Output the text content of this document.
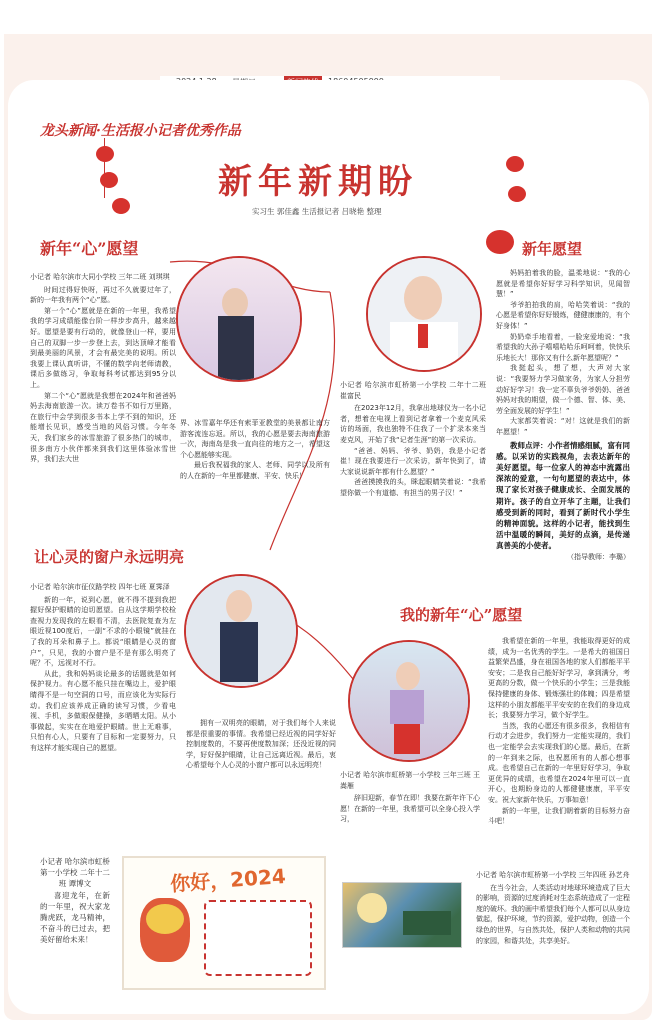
龙头新闻·生活报小记者优秀作品
新年新期盼
实习生 郭佳鑫 生活报记者 吕晓艳 整理
新年“心”愿望
小记者 哈尔滨市大同小学校 三年二班 刘琪琪
时间过得好快呀，再过不久就要过年了，新的一年我有两个“心”愿。
第一个“心”愿就是在新的一年里，我希望我的学习成绩能像台阶一样步步高升，越来越好。愿望是要有行动的，就像登山一样，要用自己的双脚一步一步登上去，到达顶峰才能看到最美丽的风景，才会有最完美的说明。所以我要上课认真听讲，不懂的数学向老师请教，课后多做练习，争取每科考试都达到95分以上。
第二个“心”愿就是我想在2024年和爸爸妈妈去海南旅游一次。读万卷书不如行万里路，在旅行中会学到很多书本上学不到的知识，还能增长见识，感受当地的风俗习惯。今年冬天，我们家乡的冰雪旅游了很多热门的城市，很多南方小伙伴都来到我们这里体验冰雪世界，我们去大世
界、冰雪嘉年华还有索菲亚教堂的美景都让南方游客流连忘返。所以，我的心愿是要去海南旅游一次，海南岛是我一直向往的地方之一，希望这个心愿能够实现。
最后我祝福我的家人、老师、同学以及所有的人在新的一年里都健康、平安、快乐！
小记者 哈尔滨市虹桥第一小学校 二年十二班 崔富民
在2023年12月，我拿出地球仪为一名小记者，想着在电视上看到记者拿着一个麦克风采访的场面，我也独特不住我了一个扩录本来当麦克风，开始了我“记者生涯”的第一次采访。
“爸爸、妈妈、爷爷、奶奶，我是小记者崔！现在我要进行一次采访，新年快到了，请大家说说新年都有什么愿望？”
爸爸摸摸我的头，眯起眼睛笑着说：“我希望你做一个有道德、有担当的男子汉！”
新年愿望
妈妈拍着我的脸，温柔地说：“我的心愿就是希望你好好学习科学知识，见闻智慧！”
爷爷拍拍我的肩，哈哈笑着说：“我的心愿是希望你好好锻炼，健健康康的，有个好身体！”
奶奶牵手地看着，一脸宠爱地说：“我希望我的大孙子嘻嘻哈哈乐呵呵着，快快乐乐地长大！那你又有什么新年愿望呢？”
我挺起头，想了想，大声对大家说：“我要努力学习做家务，为家人分担劳动好好学习！我一定不辜负爷爷奶奶、爸爸妈妈对我的期望，做一个德、智、体、美、劳全面发展的好学生！”
大家都笑着说：“对！这就是我们的新年愿望！”
教师点评：小作者情感细腻，富有同感。以采访的实践视角，去表达新年的美好愿望。每一位家人的神态中流露出深浓的爱意，一句句愿望的表达中，体现了家长对孩子健康成长、全面发展的期许。孩子的自立开华了主题，让我们感受到新的同时，看到了新时代小学生的精神面貌。这样的小记者，能找到生活中温暖的瞬间，美好的点滴，是传递真善美的小使者。
（指导教师：李璐）
让心灵的窗户永远明亮
小记者 哈尔滨市征仪路学校 四年七班 夏霁泽
新的一年，说到心愿，就不得不提到我把握好保护眼睛的迫切愿望。自从这学期学校检查视力发现我的左眼看不清，去医院复查为左眼近视100度后，一副“不求的小眼镜”就挂在了我的耳朵和鼻子上。都说“眼睛是心灵的窗户”，只见，我的小窗户是不是有那么明亮了呢？不，远视对不行。
从此，我和妈妈谈论最多的话题就是如何保护视力。有心愿不能只挂在嘴边上，爱护眼睛得不是一句空洞的口号，而应该化为实际行动。我们应该养成正确的读写习惯，少看电视、手机，多做眼保健操，多晒晒太阳。从小事做起，实实在在地爱护眼睛。世上无难事，只怕有心人，只要有了目标和一定要努力，只有这样才能实现自己的愿望。
拥有一双明亮的眼睛，对于我们每个人来说都是很重要的事情。我希望已经近视的同学好好控制度数的，不要再使度数加深；还没近视的同学，好好保护眼睛，让自己远离近视。最后，衷心希望每个人心灵的小窗户都可以永远明亮！
小记者 哈尔滨市虹桥第一小学校 三年三班 王嵩雁
辞旧迎新，春节在即！我要在新年许下心愿！在新的一年里，我希望可以全身心投入学习，
我的新年“心”愿望
我希望在新的一年里，我能取得更好的成绩，成为一名优秀的学生。一是希大的祖国日益繁荣昌盛，身在祖国各地的家人们都能平平安安；二是我自己能好好学习，拿到满分，考更高的分数，做一个快乐的小学生；三是我能保持健康的身体、锻炼强壮的体魄；四是希望这样的小朋友都能平平安安的在我们的身边成长；我要努力学习，做个好学生。
当然，我的心愿还有很多很多，我相信有行动才会进步，我们努力一定能实现的，我们也一定能学会去实现我们的心愿。最后，在新的一年到来之际，也祝愿所有的人都心想事成。也希望自己在新的一年里好好学习，争取更优异的成绩，也希望在2024年里可以一直开心，也期盼身边的人都健健康康，平平安安。祝大家新年快乐，万事如意！
新的一年里，让我们朝着新的目标努力奋斗吧！
小记者 哈尔滨市虹桥第一小学校 二年十二班 谭博文
喜迎龙年，在新的一年里，祝大家龙腾虎跃，龙马精神，不奋斗的已过去，把美好留给未来！
你好，2024	小记者 哈尔滨市虹桥第一小学校 三年四班 孙艺舟
在当今社会，人类活动对地球环境造成了巨大的影响，资源的过度消耗对生态系统造成了一定程度的破坏。我的画中希望我们每个人都可以从身边做起，保护环境，节约资源，爱护动物，创造一个绿色的世界，与自然共处，保护人类和动物的共同的家园，和谐共处，共享美好。
